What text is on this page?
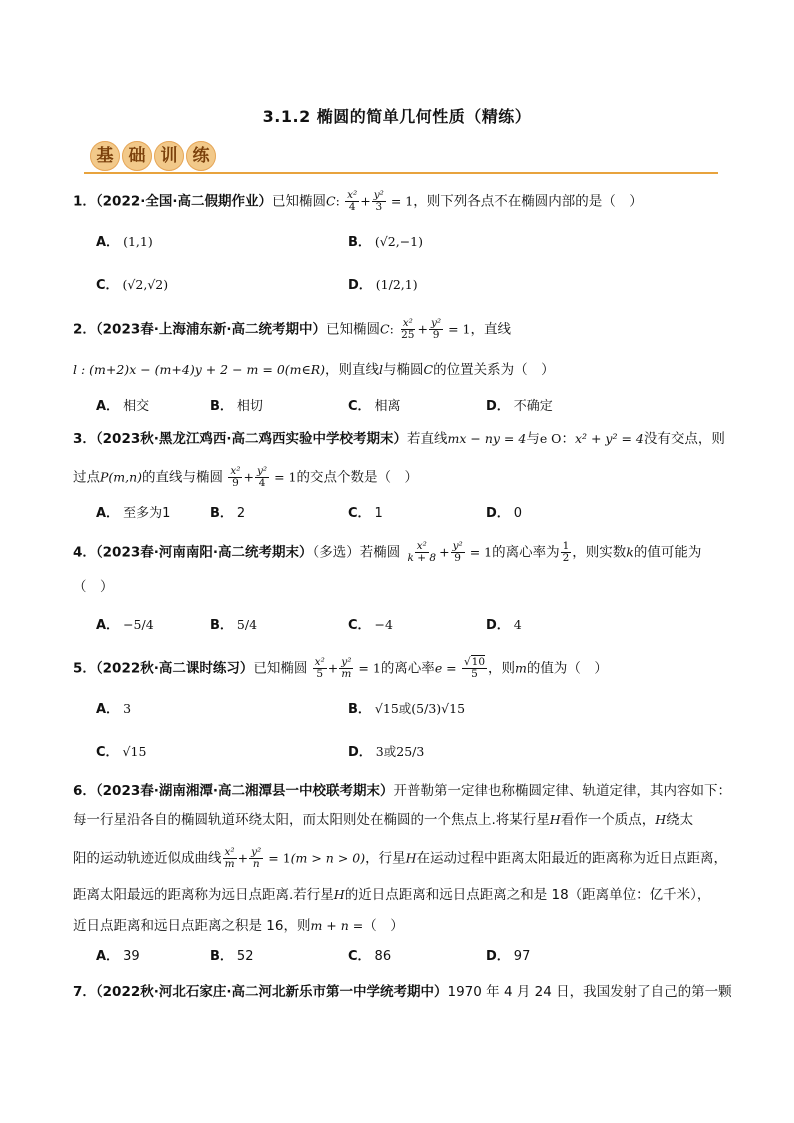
3.1.2 椭圆的简单几何性质（精练）
基 础 训 练
1．（2022·全国·高二假期作业）已知椭圆C: $\frac{\text{x²}}{4} + \frac{\text{y²}}{3} = 1$，则下列各点不在椭圆内部的是（　）
A． (1,1)	B． (√2,−1)
C． (√2,√2)	D． (1/2,1)
2．（2023春·上海浦东新·高二统考期中）已知椭圆C: $\frac{\text{x²}}{25} + \frac{\text{y²}}{9} = 1$，直线
l : (m+2)x − (m+4)y + 2 − m = 0(m∈R)，则直线l与椭圆C的位置关系为（　）
A． 相交	B． 相切	C． 相离	D． 不确定
3．（2023秋·黑龙江鸡西·高二鸡西实验中学校考期末）若直线mx − ny = 4与e O：x² + y² = 4没有交点，则
过点P(m,n)的直线与椭圆 $\frac{\text{x²}}{9} + \frac{\text{y²}}{4} = 1$的交点个数是（　）
A． 至多为1	B． 2	C． 1	D． 0
4．（2023春·河南南阳·高二统考期末）（多选）若椭圆 $\frac{\text{x²}}{k + 8} + \frac{\text{y²}}{9} = 1$的离心率为 $\frac{1}{2}$ ，则实数k的值可能为
（　）
A． −5/4	B． 5/4	C． −4	D． 4
5．（2022秋·高二课时练习）已知椭圆 $\frac{\text{x²}}{5} + \frac{\text{y²}}{m} = 1$的离心率$e = \frac{√10}{5}$ ，则m的值为（　）
A． 3	B． √15或(5/3)√15
C． √15	D． 3或25/3
6．（2023春·湖南湘潭·高二湘潭县一中校联考期末）开普勒第一定律也称椭圆定律、轨道定律，其内容如下：
每一行星沿各自的椭圆轨道环绕太阳，而太阳则处在椭圆的一个焦点上.将某行星H看作一个质点，H绕太
阳的运动轨迹近似成曲线 $\frac{\text{x²}}{m} + \frac{\text{y²}}{n} = 1(m > n > 0)$，行星H在运动过程中距离太阳最近的距离称为近日点距离，
距离太阳最远的距离称为远日点距离.若行星H的近日点距离和远日点距离之和是 18（距离单位：亿千米），
近日点距离和远日点距离之积是 16，则m + n =（　）
A． 39	B． 52	C． 86	D． 97
7．（2022秋·河北石家庄·高二河北新乐市第一中学统考期中）1970 年 4 月 24 日，我国发射了自己的第一颗
